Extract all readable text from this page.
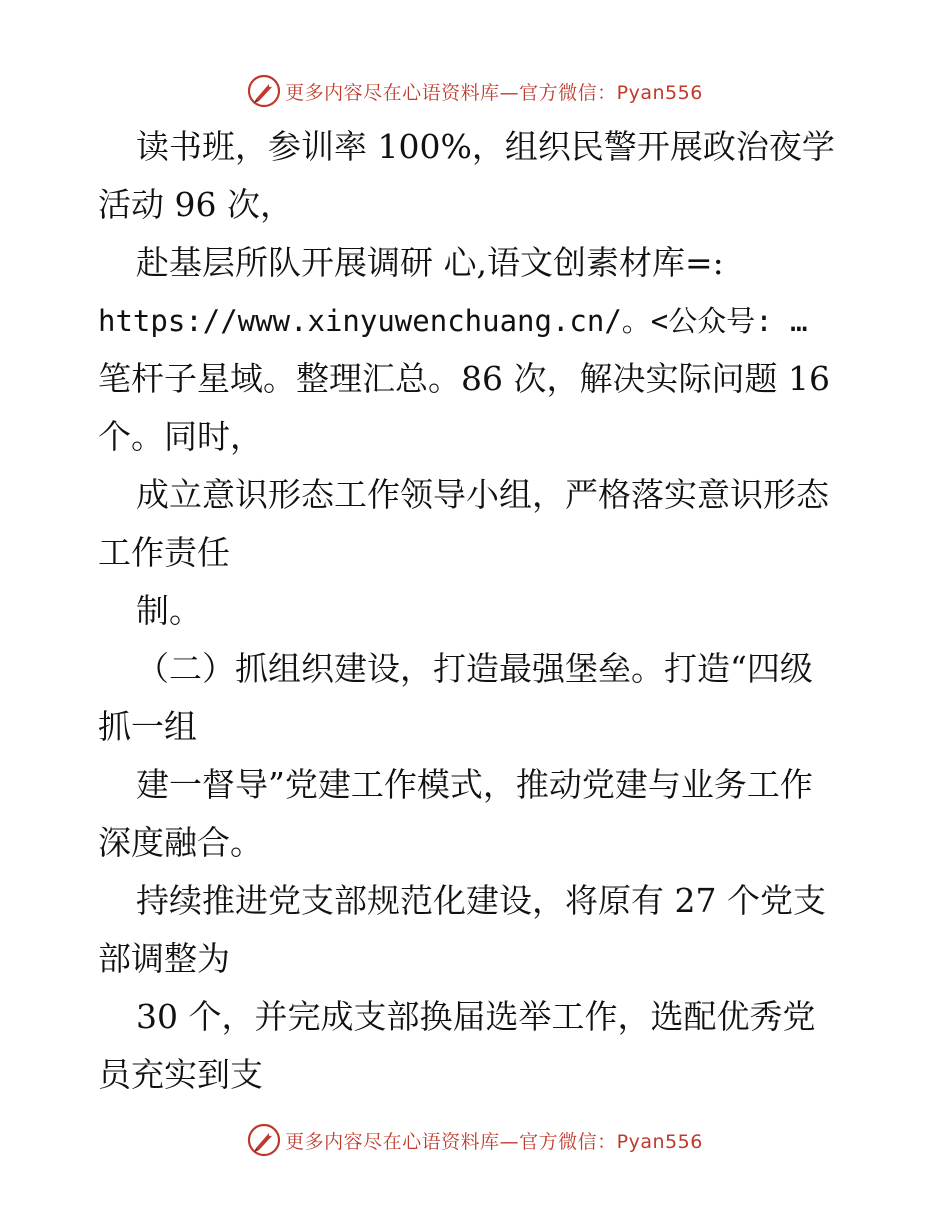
更多内容尽在心语资料库—官方微信：Pyan556
读书班，参训率 100%，组织民警开展政治夜学
活动 96 次，
赴基层所队开展调研 心,语文创素材库=:
https://www.xinyuwenchuang.cn/。<公众号: …
笔杆子星域。整理汇总。86 次，解决实际问题 16
个。同时，
成立意识形态工作领导小组，严格落实意识形态
工作责任
制。
（二）抓组织建设，打造最强堡垒。打造“四级
抓一组
建一督导”党建工作模式，推动党建与业务工作
深度融合。
持续推进党支部规范化建设，将原有 27 个党支
部调整为
30 个，并完成支部换届选举工作，选配优秀党
员充实到支
更多内容尽在心语资料库—官方微信：Pyan556
